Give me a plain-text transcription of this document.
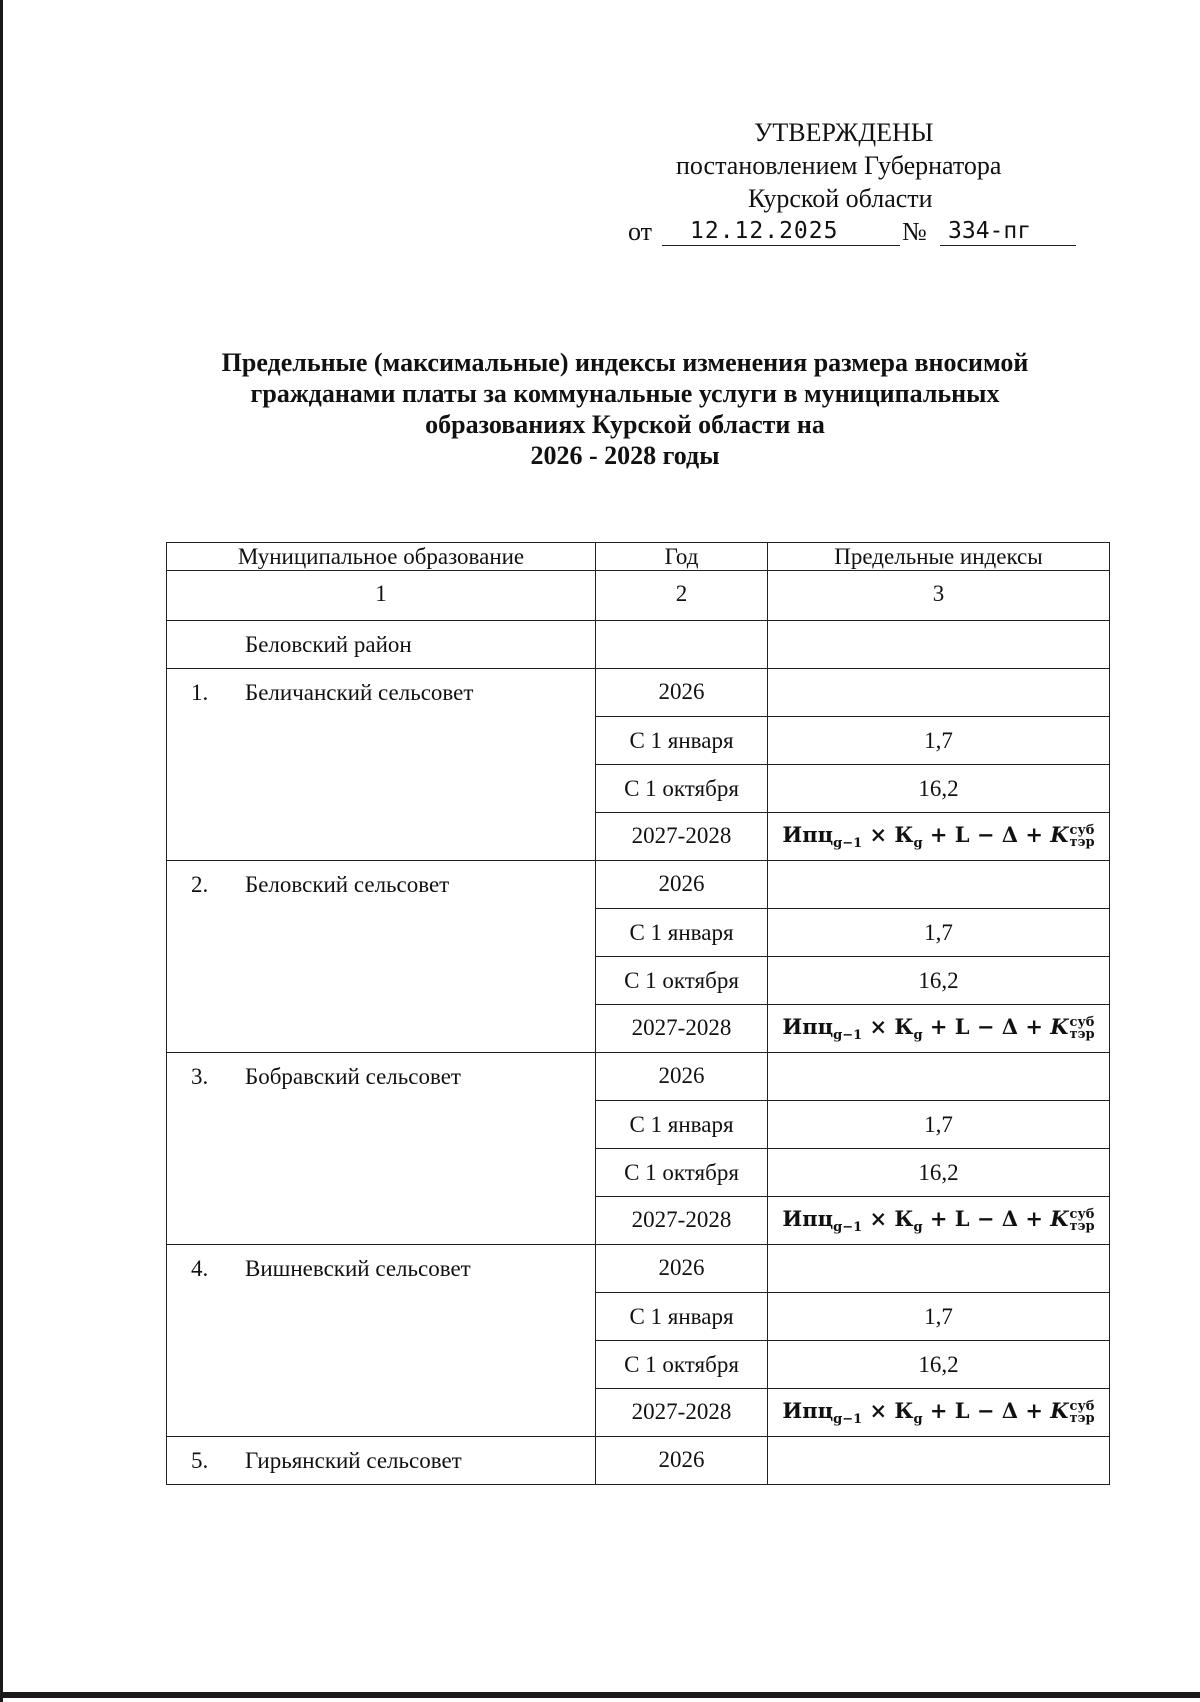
УТВЕРЖДЕНЫ
постановлением Губернатора
Курской области
от	12.12.2025	№ 334-пг
Предельные (максимальные) индексы изменения размера вносимой
гражданами платы за коммунальные услуги в муниципальных
образованиях Курской области на
2026 - 2028 годы
Муниципальное образование	Год	Предельные индексы
1	2	3
Беловский район		
1. Беличанский сельсовет	2026	
	С 1 января	1,7
	С 1 октября	16,2
	2027-2028	$Ипц_{g-1} \times К_g + L - \Delta + K$ суб
тэр

2. Беловский сельсовет	2026	
	С 1 января	1,7
	С 1 октября	16,2
	2027-2028	$Ипц_{g-1} \times К_g + L - \Delta + K$ суб
тэр

3. Бобравский сельсовет	2026	
	С 1 января	1,7
	С 1 октября	16,2
	2027-2028	$Ипц_{g-1} \times К_g + L - \Delta + K$ суб
тэр

4. Вишневский сельсовет	2026	
	С 1 января	1,7
	С 1 октября	16,2
	2027-2028	$Ипц_{g-1} \times К_g + L - \Delta + K$ суб
тэр

5. Гирьянский сельсовет	2026	
